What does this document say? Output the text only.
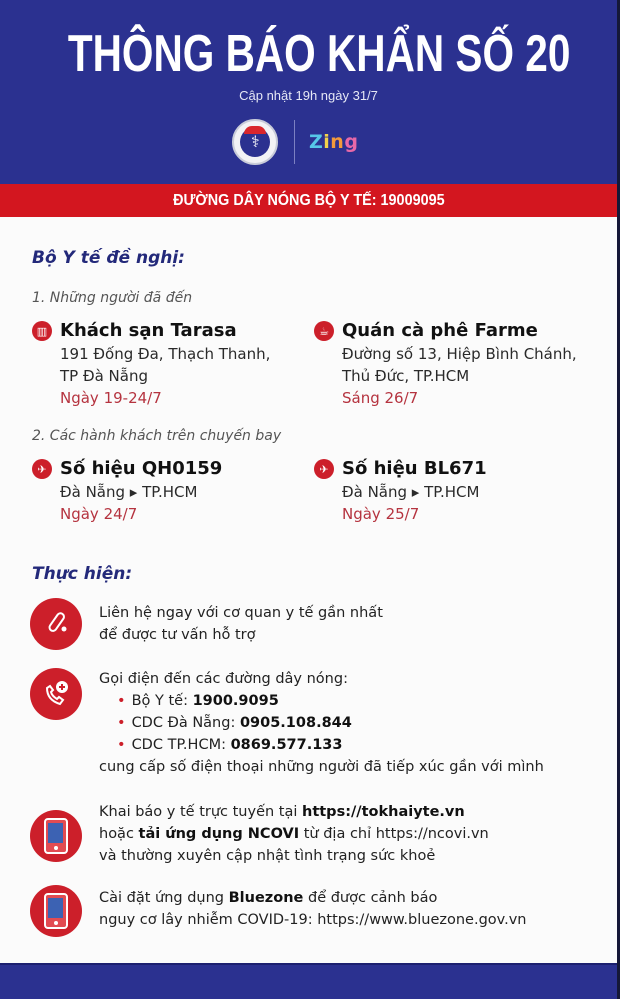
THÔNG BÁO KHẨN SỐ 20
Cập nhật 19h ngày 31/7
⚕	Zing
ĐƯỜNG DÂY NÓNG BỘ Y TẾ: 19009095
Bộ Y tế đề nghị:
1. Những người đã đến
▥ Khách sạn Tarasa
191 Đống Đa, Thạch Thanh,
TP Đà Nẵng
Ngày 19-24/7
☕ Quán cà phê Farme
Đường số 13, Hiệp Bình Chánh,
Thủ Đức, TP.HCM
Sáng 26/7
2. Các hành khách trên chuyến bay
✈ Số hiệu QH0159
Đà Nẵng ▸ TP.HCM
Ngày 24/7
✈ Số hiệu BL671
Đà Nẵng ▸ TP.HCM
Ngày 25/7
Thực hiện:
Liên hệ ngay với cơ quan y tế gần nhất
để được tư vấn hỗ trợ
Gọi điện đến các đường dây nóng:
• Bộ Y tế: 1900.9095
• CDC Đà Nẵng: 0905.108.844
• CDC TP.HCM: 0869.577.133
cung cấp số điện thoại những người đã tiếp xúc gần với mình
Khai báo y tế trực tuyến tại https://tokhaiyte.vn
hoặc tải ứng dụng NCOVI từ địa chỉ https://ncovi.vn
và thường xuyên cập nhật tình trạng sức khoẻ
Cài đặt ứng dụng Bluezone để được cảnh báo
nguy cơ lây nhiễm COVID-19: https://www.bluezone.gov.vn
